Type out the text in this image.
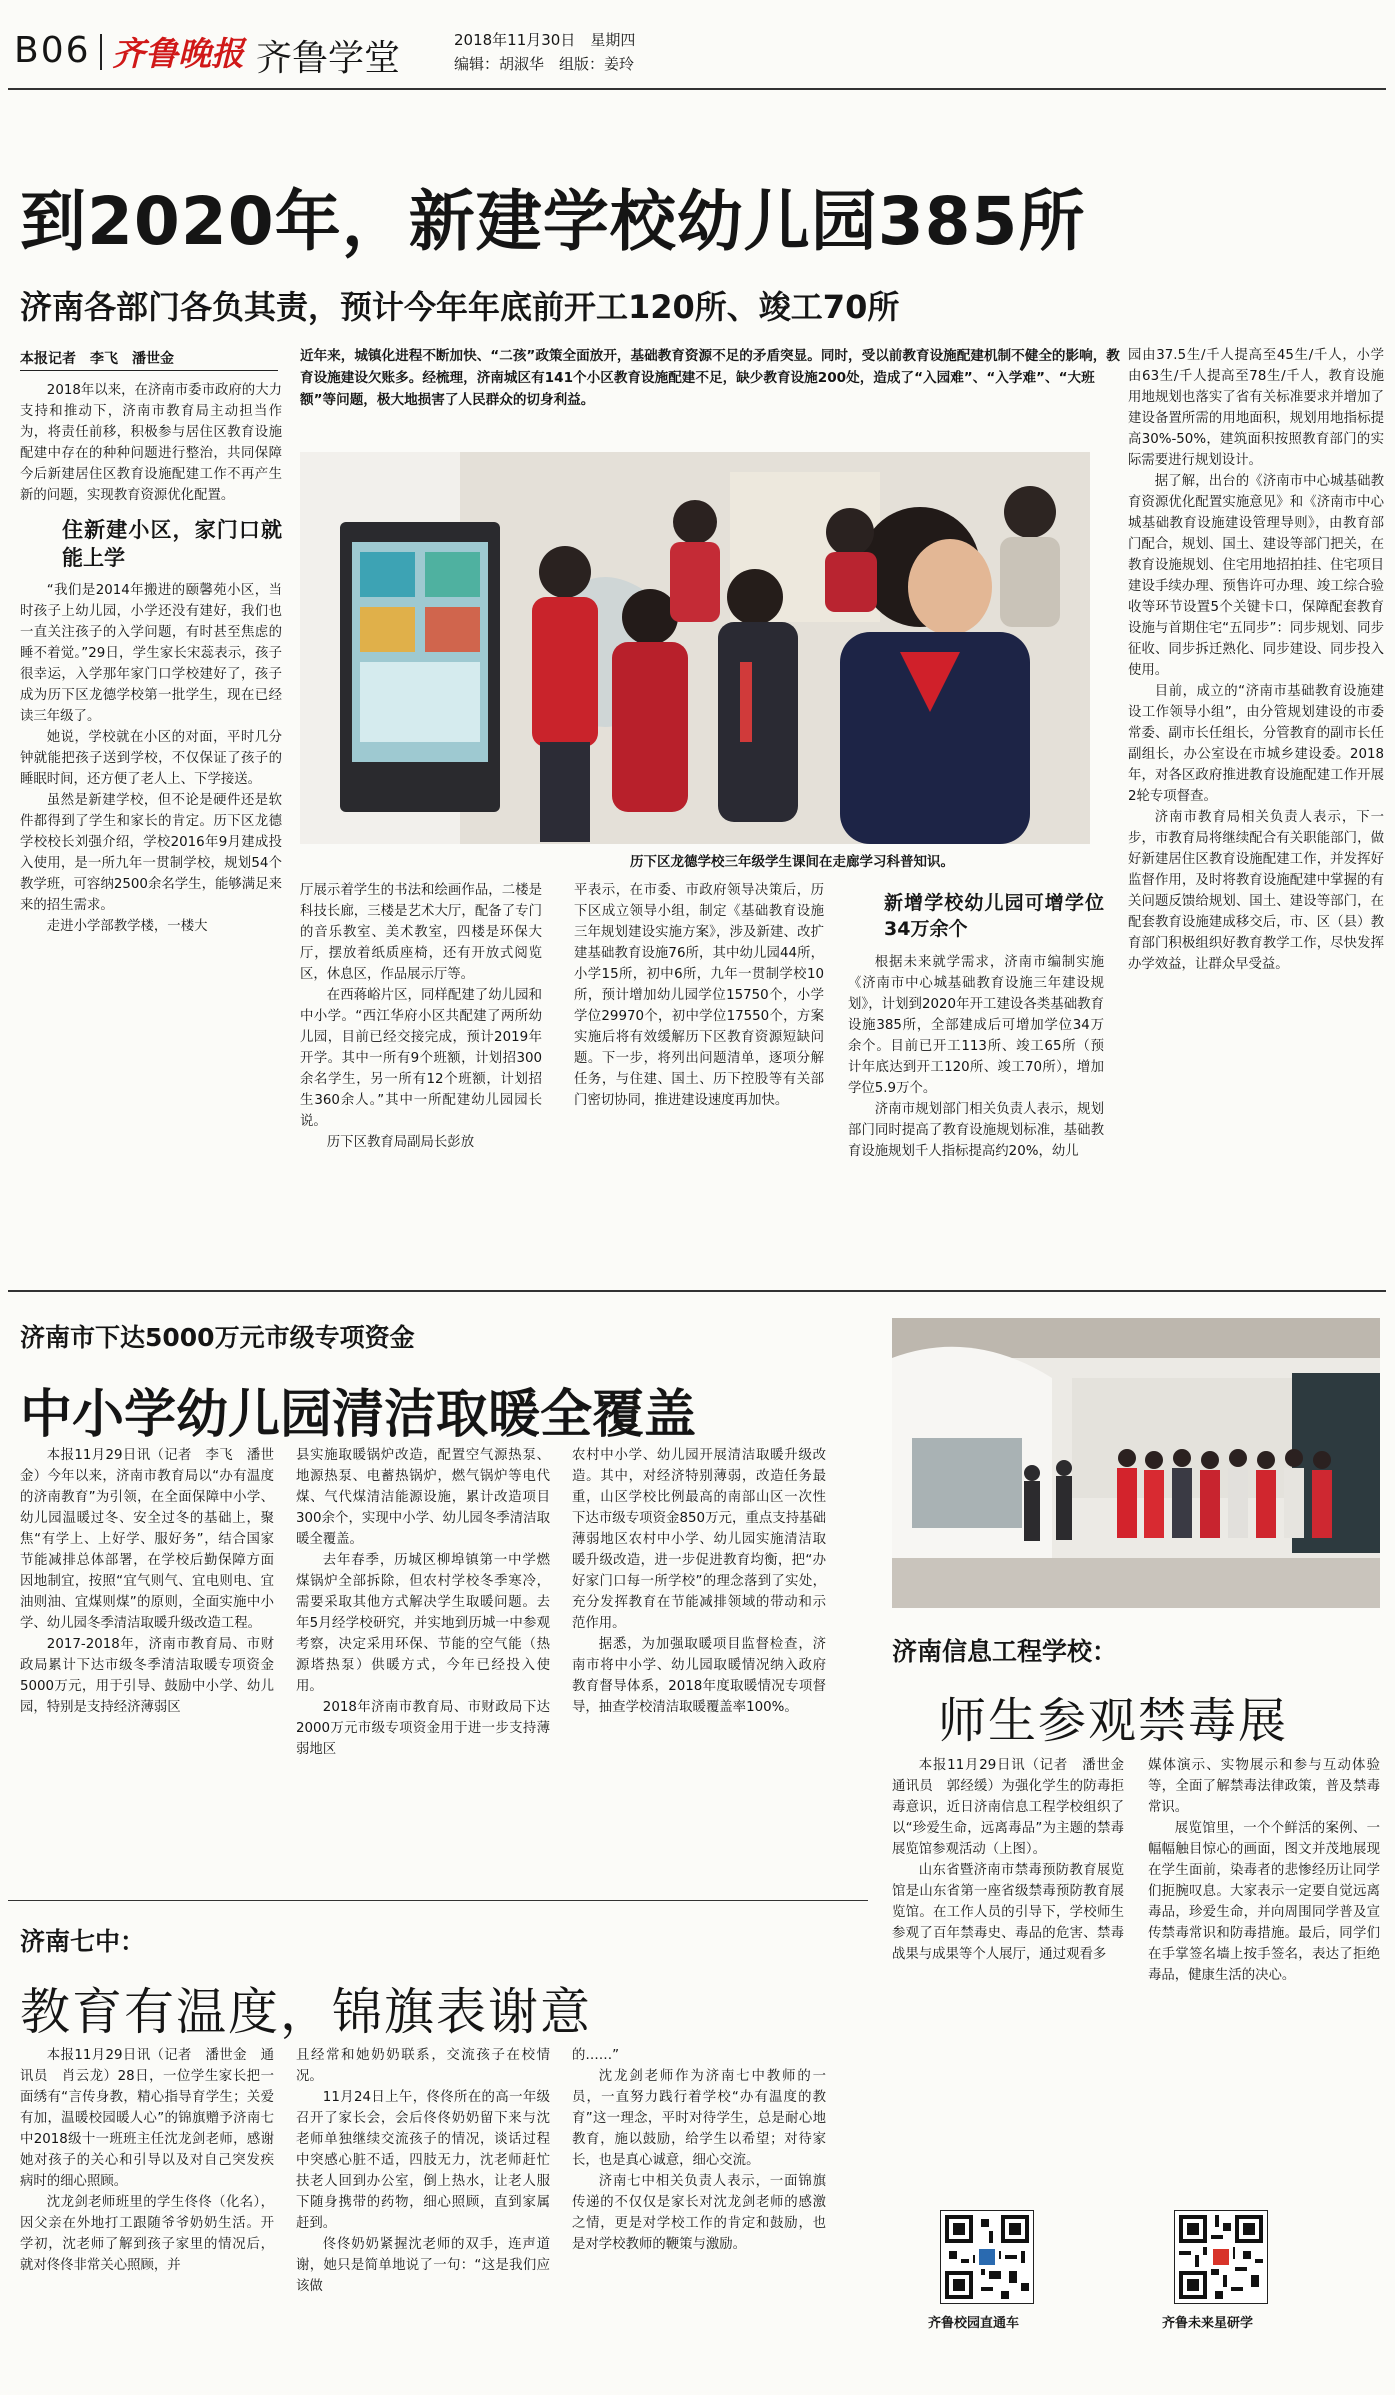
B06 齐鲁晚报 齐鲁学堂	2018年11月30日　星期四
编辑：胡淑华　组版：姜玲
到2020年，新建学校幼儿园385所
济南各部门各负其责，预计今年年底前开工120所、竣工70所
本报记者　李飞　潘世金	近年来，城镇化进程不断加快、“二孩”政策全面放开，基础教育资源不足的矛盾突显。同时，受以前教育设施配建机制不健全的影响，教育设施建设欠账多。经梳理，济南城区有141个小区教育设施配建不足，缺少教育设施200处，造成了“入园难”、“入学难”、“大班额”等问题，极大地损害了人民群众的切身利益。
历下区龙德学校三年级学生课间在走廊学习科普知识。

2018年以来，在济南市委市政府的大力支持和推动下，济南市教育局主动担当作为，将责任前移，积极参与居住区教育设施配建中存在的种种问题进行整治，共同保障今后新建居住区教育设施配建工作不再产生新的问题，实现教育资源优化配置。

住新建小区，家门口就能上学

“我们是2014年搬进的颐馨苑小区，当时孩子上幼儿园，小学还没有建好，我们也一直关注孩子的入学问题，有时甚至焦虑的睡不着觉。”29日，学生家长宋蕊表示，孩子很幸运，入学那年家门口学校建好了，孩子成为历下区龙德学校第一批学生，现在已经读三年级了。

她说，学校就在小区的对面，平时几分钟就能把孩子送到学校，不仅保证了孩子的睡眠时间，还方便了老人上、下学接送。

虽然是新建学校，但不论是硬件还是软件都得到了学生和家长的肯定。历下区龙德学校校长刘强介绍，学校2016年9月建成投入使用，是一所九年一贯制学校，规划54个教学班，可容纳2500余名学生，能够满足来来的招生需求。

走进小学部教学楼，一楼大

厅展示着学生的书法和绘画作品，二楼是科技长廊，三楼是艺术大厅，配备了专门的音乐教室、美术教室，四楼是环保大厅，摆放着纸质座椅，还有开放式阅览区，休息区，作品展示厅等。

在西蒋峪片区，同样配建了幼儿园和中小学。“西江华府小区共配建了两所幼儿园，目前已经交接完成，预计2019年开学。其中一所有9个班额，计划招300余名学生，另一所有12个班额，计划招生360余人。”其中一所配建幼儿园园长说。

历下区教育局副局长彭放

平表示，在市委、市政府领导决策后，历下区成立领导小组，制定《基础教育设施三年规划建设实施方案》，涉及新建、改扩建基础教育设施76所，其中幼儿园44所，小学15所，初中6所，九年一贯制学校10所，预计增加幼儿园学位15750个，小学学位29970个，初中学位17550个，方案实施后将有效缓解历下区教育资源短缺问题。下一步，将列出问题清单，逐项分解任务，与住建、国土、历下控股等有关部门密切协同，推进建设速度再加快。

新增学校幼儿园可增学位34万余个

根据未来就学需求，济南市编制实施《济南市中心城基础教育设施三年建设规划》，计划到2020年开工建设各类基础教育设施385所，全部建成后可增加学位34万余个。目前已开工113所、竣工65所（预计年底达到开工120所、竣工70所），增加学位5.9万个。

济南市规划部门相关负责人表示，规划部门同时提高了教育设施规划标准，基础教育设施规划千人指标提高约20%，幼儿

园由37.5生/千人提高至45生/千人，小学由63生/千人提高至78生/千人，教育设施用地规划也落实了省有关标准要求并增加了建设备置所需的用地面积，规划用地指标提高30%-50%，建筑面积按照教育部门的实际需要进行规划设计。

据了解，出台的《济南市中心城基础教育资源优化配置实施意见》和《济南市中心城基础教育设施建设管理导则》，由教育部门配合，规划、国土、建设等部门把关，在教育设施规划、住宅用地招拍挂、住宅项目建设手续办理、预售许可办理、竣工综合验收等环节设置5个关键卡口，保障配套教育设施与首期住宅“五同步”：同步规划、同步征收、同步拆迁熟化、同步建设、同步投入使用。

目前，成立的“济南市基础教育设施建设工作领导小组”，由分管规划建设的市委常委、副市长任组长，分管教育的副市长任副组长，办公室设在市城乡建设委。2018年，对各区政府推进教育设施配建工作开展2轮专项督查。

济南市教育局相关负责人表示，下一步，市教育局将继续配合有关职能部门，做好新建居住区教育设施配建工作，并发挥好监督作用，及时将教育设施配建中掌握的有关问题反馈给规划、国土、建设等部门，在配套教育设施建成移交后，市、区（县）教育部门积极组织好教育教学工作，尽快发挥办学效益，让群众早受益。

济南市下达5000万元市级专项资金
中小学幼儿园清洁取暖全覆盖

本报11月29日讯（记者　李飞　潘世金）今年以来，济南市教育局以“办有温度的济南教育”为引领，在全面保障中小学、幼儿园温暖过冬、安全过冬的基础上，聚焦“有学上、上好学、服好务”，结合国家节能减排总体部署，在学校后勤保障方面因地制宜，按照“宜气则气、宜电则电、宜油则油、宜煤则煤”的原则，全面实施中小学、幼儿园冬季清洁取暖升级改造工程。

2017-2018年，济南市教育局、市财政局累计下达市级冬季清洁取暖专项资金5000万元，用于引导、鼓励中小学、幼儿园，特别是支持经济薄弱区

县实施取暖锅炉改造，配置空气源热泵、地源热泵、电蓄热锅炉，燃气锅炉等电代煤、气代煤清洁能源设施，累计改造项目300余个，实现中小学、幼儿园冬季清洁取暖全覆盖。

去年春季，历城区柳埠镇第一中学燃煤锅炉全部拆除，但农村学校冬季寒冷，需要采取其他方式解决学生取暖问题。去年5月经学校研究，并实地到历城一中参观考察，决定采用环保、节能的空气能（热源塔热泵）供暖方式，今年已经投入使用。

2018年济南市教育局、市财政局下达2000万元市级专项资金用于进一步支持薄弱地区

农村中小学、幼儿园开展清洁取暖升级改造。其中，对经济特别薄弱，改造任务最重，山区学校比例最高的南部山区一次性下达市级专项资金850万元，重点支持基础薄弱地区农村中小学、幼儿园实施清洁取暖升级改造，进一步促进教育均衡，把“办好家门口每一所学校”的理念落到了实处，充分发挥教育在节能减排领域的带动和示范作用。

据悉，为加强取暖项目监督检查，济南市将中小学、幼儿园取暖情况纳入政府教育督导体系，2018年度取暖情况专项督导，抽查学校清洁取暖覆盖率100%。

济南信息工程学校：
师生参观禁毒展

本报11月29日讯（记者　潘世金　通讯员　郭经缓）为强化学生的防毒拒毒意识，近日济南信息工程学校组织了以“珍爱生命，远离毒品”为主题的禁毒展览馆参观活动（上图）。

山东省暨济南市禁毒预防教育展览馆是山东省第一座省级禁毒预防教育展览馆。在工作人员的引导下，学校师生参观了百年禁毒史、毒品的危害、禁毒战果与成果等个人展厅，通过观看多

媒体演示、实物展示和参与互动体验等，全面了解禁毒法律政策，普及禁毒常识。

展览馆里，一个个鲜活的案例、一幅幅触目惊心的画面，图文并茂地展现在学生面前，染毒者的悲惨经历让同学们扼腕叹息。大家表示一定要自觉远离毒品，珍爱生命，并向周围同学普及宣传禁毒常识和防毒措施。最后，同学们在手掌签名墙上按手签名，表达了拒绝毒品，健康生活的决心。

齐鲁校园直通车	齐鲁未来星研学
济南七中：
教育有温度，锦旗表谢意

本报11月29日讯（记者　潘世金　通讯员　肖云龙）28日，一位学生家长把一面绣有“言传身教，精心指导育学生；关爱有加，温暖校园暖人心”的锦旗赠予济南七中2018级十一班班主任沈龙剑老师，感谢她对孩子的关心和引导以及对自己突发疾病时的细心照顾。

沈龙剑老师班里的学生佟佟（化名），因父亲在外地打工跟随爷爷奶奶生活。开学初，沈老师了解到孩子家里的情况后，就对佟佟非常关心照顾，并

且经常和她奶奶联系，交流孩子在校情况。

11月24日上午，佟佟所在的高一年级召开了家长会，会后佟佟奶奶留下来与沈老师单独继续交流孩子的情况，谈话过程中突感心脏不适，四肢无力，沈老师赶忙扶老人回到办公室，倒上热水，让老人服下随身携带的药物，细心照顾，直到家属赶到。

佟佟奶奶紧握沈老师的双手，连声道谢，她只是简单地说了一句：“这是我们应该做

的……”

沈龙剑老师作为济南七中教师的一员，一直努力践行着学校“办有温度的教育”这一理念，平时对待学生，总是耐心地教育，施以鼓励，给学生以希望；对待家长，也是真心诚意，细心交流。

济南七中相关负责人表示，一面锦旗传递的不仅仅是家长对沈龙剑老师的感激之情，更是对学校工作的肯定和鼓励，也是对学校教师的鞭策与激励。
